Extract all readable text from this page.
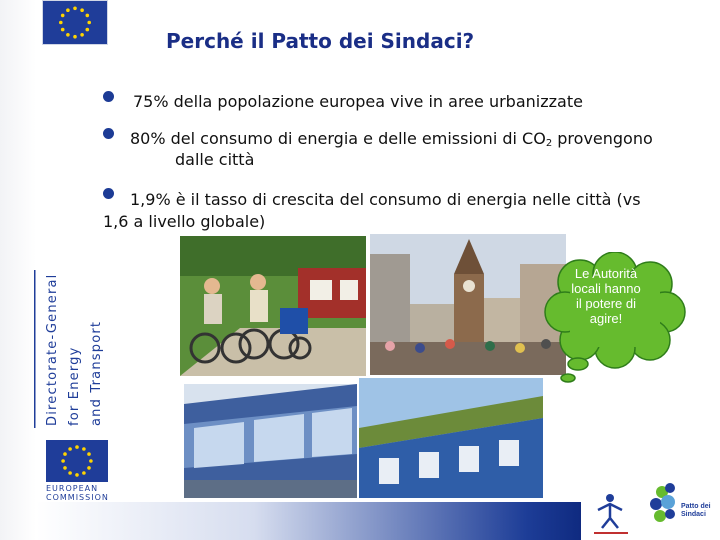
Perché il Patto dei Sindaci?
75% della popolazione europea vive in aree urbanizzate
80% del consumo di energia e delle emissioni di $CO_2$ provengono
dalle città
1,9% è il tasso di crescita del consumo di energia nelle città (vs
1,6 a livello globale)
Directorate-General for Energy and Transport
EUROPEAN
COMMISSION
Le Autorità
locali hanno
il potere di
agire!
Patto dei
Sindaci
